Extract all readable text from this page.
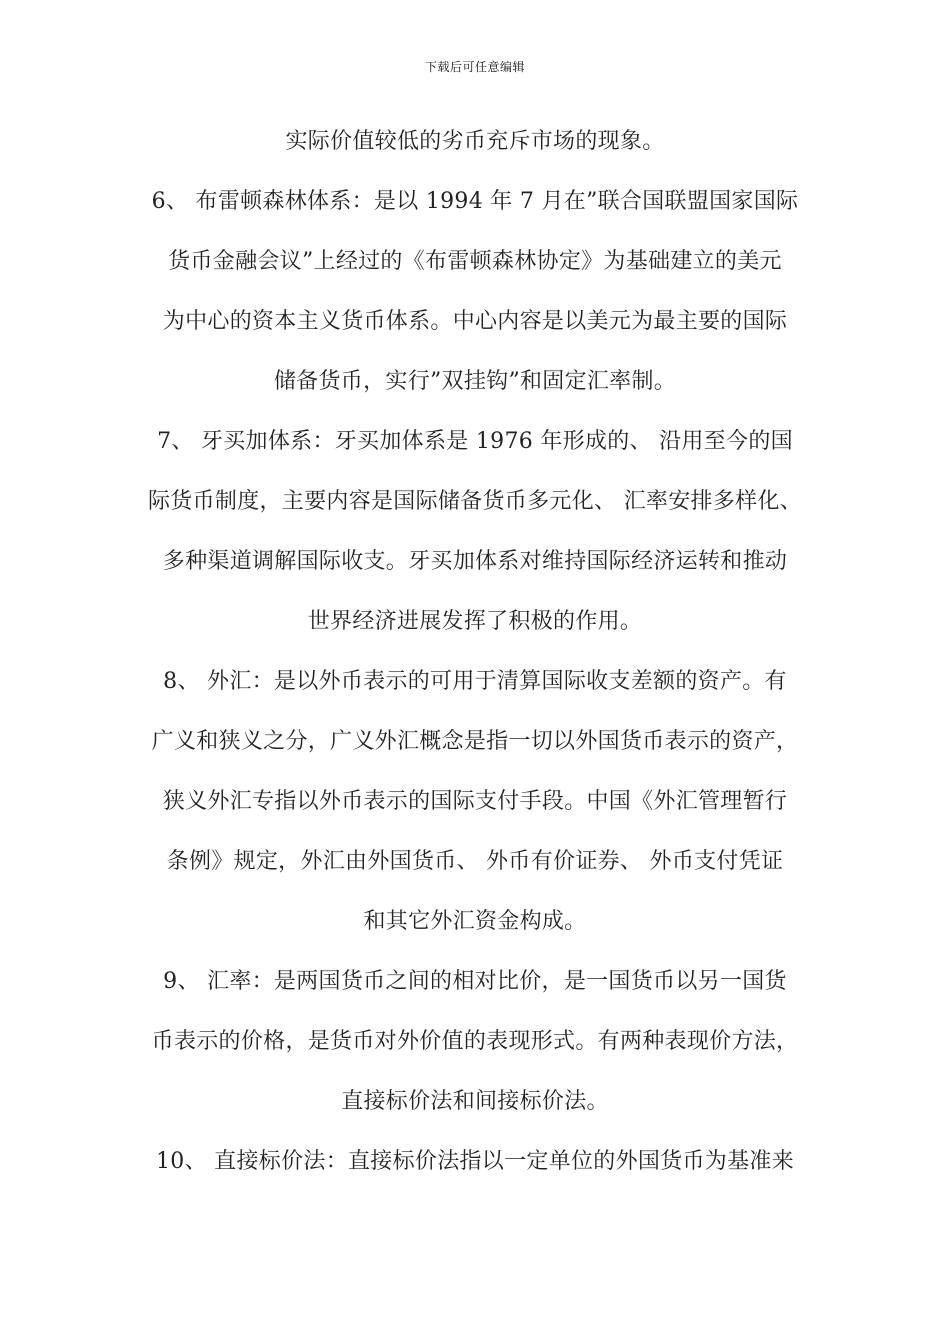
下载后可任意编辑
实际价值较低的劣币充斥市场的现象。
6、 布雷顿森林体系：是以 1994 年 7 月在”联合国联盟国家国际
货币金融会议”上经过的《布雷顿森林协定》为基础建立的美元
为中心的资本主义货币体系。中心内容是以美元为最主要的国际
储备货币，实行”双挂钩”和固定汇率制。
7、 牙买加体系：牙买加体系是 1976 年形成的、 沿用至今的国
际货币制度，主要内容是国际储备货币多元化、 汇率安排多样化、
多种渠道调解国际收支。牙买加体系对维持国际经济运转和推动
世界经济进展发挥了积极的作用。
8、 外汇：是以外币表示的可用于清算国际收支差额的资产。有
广义和狭义之分，广义外汇概念是指一切以外国货币表示的资产，
狭义外汇专指以外币表示的国际支付手段。中国《外汇管理暂行
条例》规定，外汇由外国货币、 外币有价证券、 外币支付凭证
和其它外汇资金构成。
9、 汇率：是两国货币之间的相对比价，是一国货币以另一国货
币表示的价格，是货币对外价值的表现形式。有两种表现价方法，
直接标价法和间接标价法。
10、 直接标价法：直接标价法指以一定单位的外国货币为基准来
